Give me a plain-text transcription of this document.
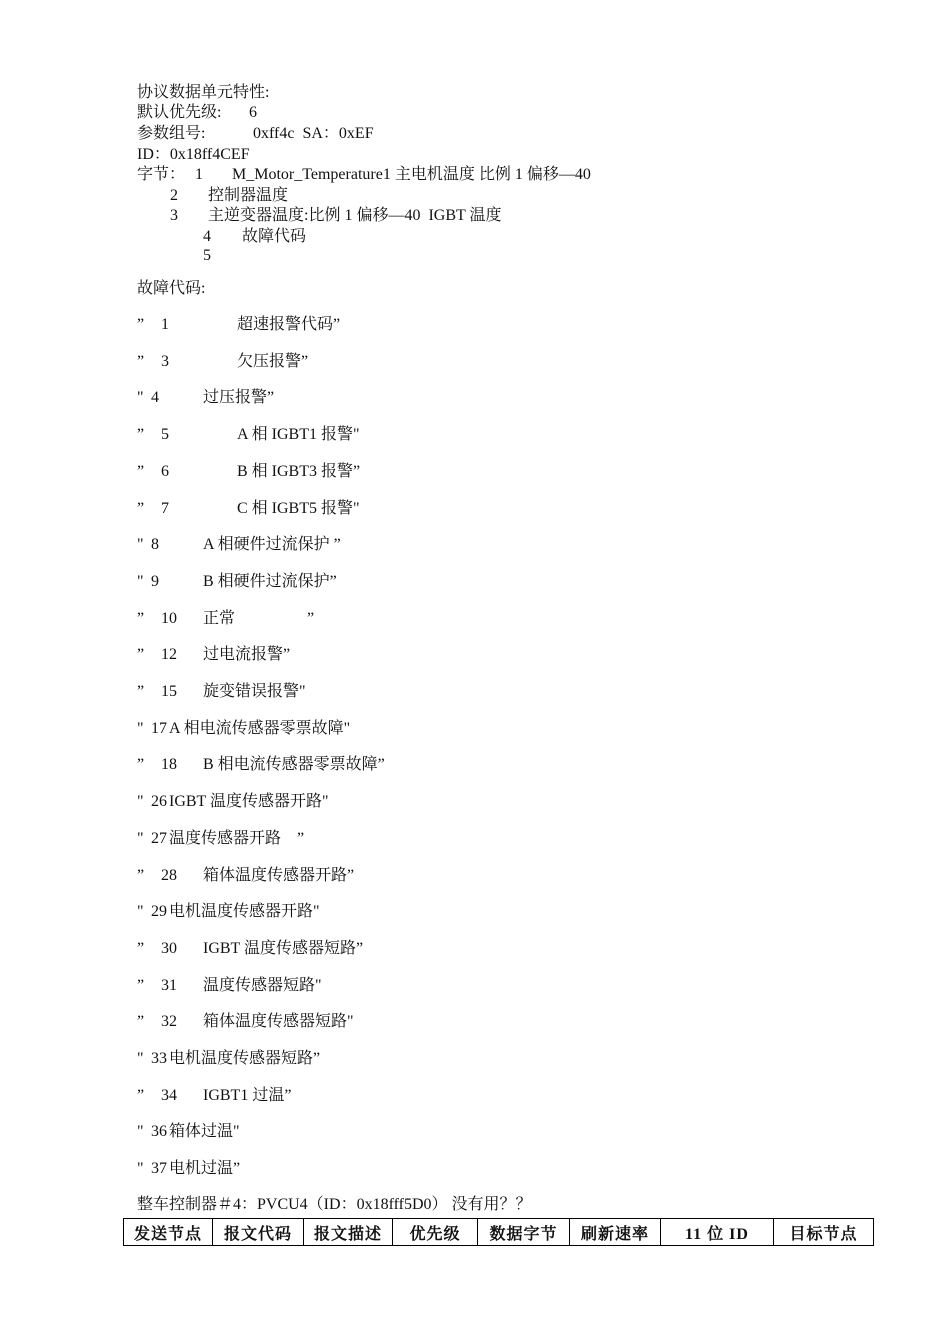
协议数据单元特性:
默认优先级: 6
参数组号:	0xff4c  SA：0xEF
ID：0x18ff4CEF
字节： 1 M_Motor_Temperature1 主电机温度 比例 1 偏移—40
2 控制器温度
3 主逆变器温度:比例 1 偏移—40  IGBT 温度
4 故障代码
5
故障代码:
整车控制器＃4：PVCU4（ID：0x18fff5D0） 没有用？？
发送节点	报文代码	报文描述	优先级	数据字节	刷新速率	11 位 ID	目标节点
” 1	超速报警代码”
” 3	欠压报警”
" 4	过压报警”
” 5	A 相 IGBT1 报警"
” 6	B 相 IGBT3 报警”
” 7	C 相 IGBT5 报警"
" 8	A 相硬件过流保护 ”
" 9	B 相硬件过流保护”
” 10 正常                  ”
” 12 过电流报警”
” 15 旋变错误报警"
" 17 A 相电流传感器零票故障"
” 18 B 相电流传感器零票故障”
" 26 IGBT 温度传感器开路"
" 27 温度传感器开路    ”
” 28 箱体温度传感器开路”
" 29 电机温度传感器开路"
” 30 IGBT 温度传感器短路”
” 31 温度传感器短路"
” 32 箱体温度传感器短路"
" 33 电机温度传感器短路”
” 34 IGBT1 过温”
" 36 箱体过温"
" 37 电机过温”
